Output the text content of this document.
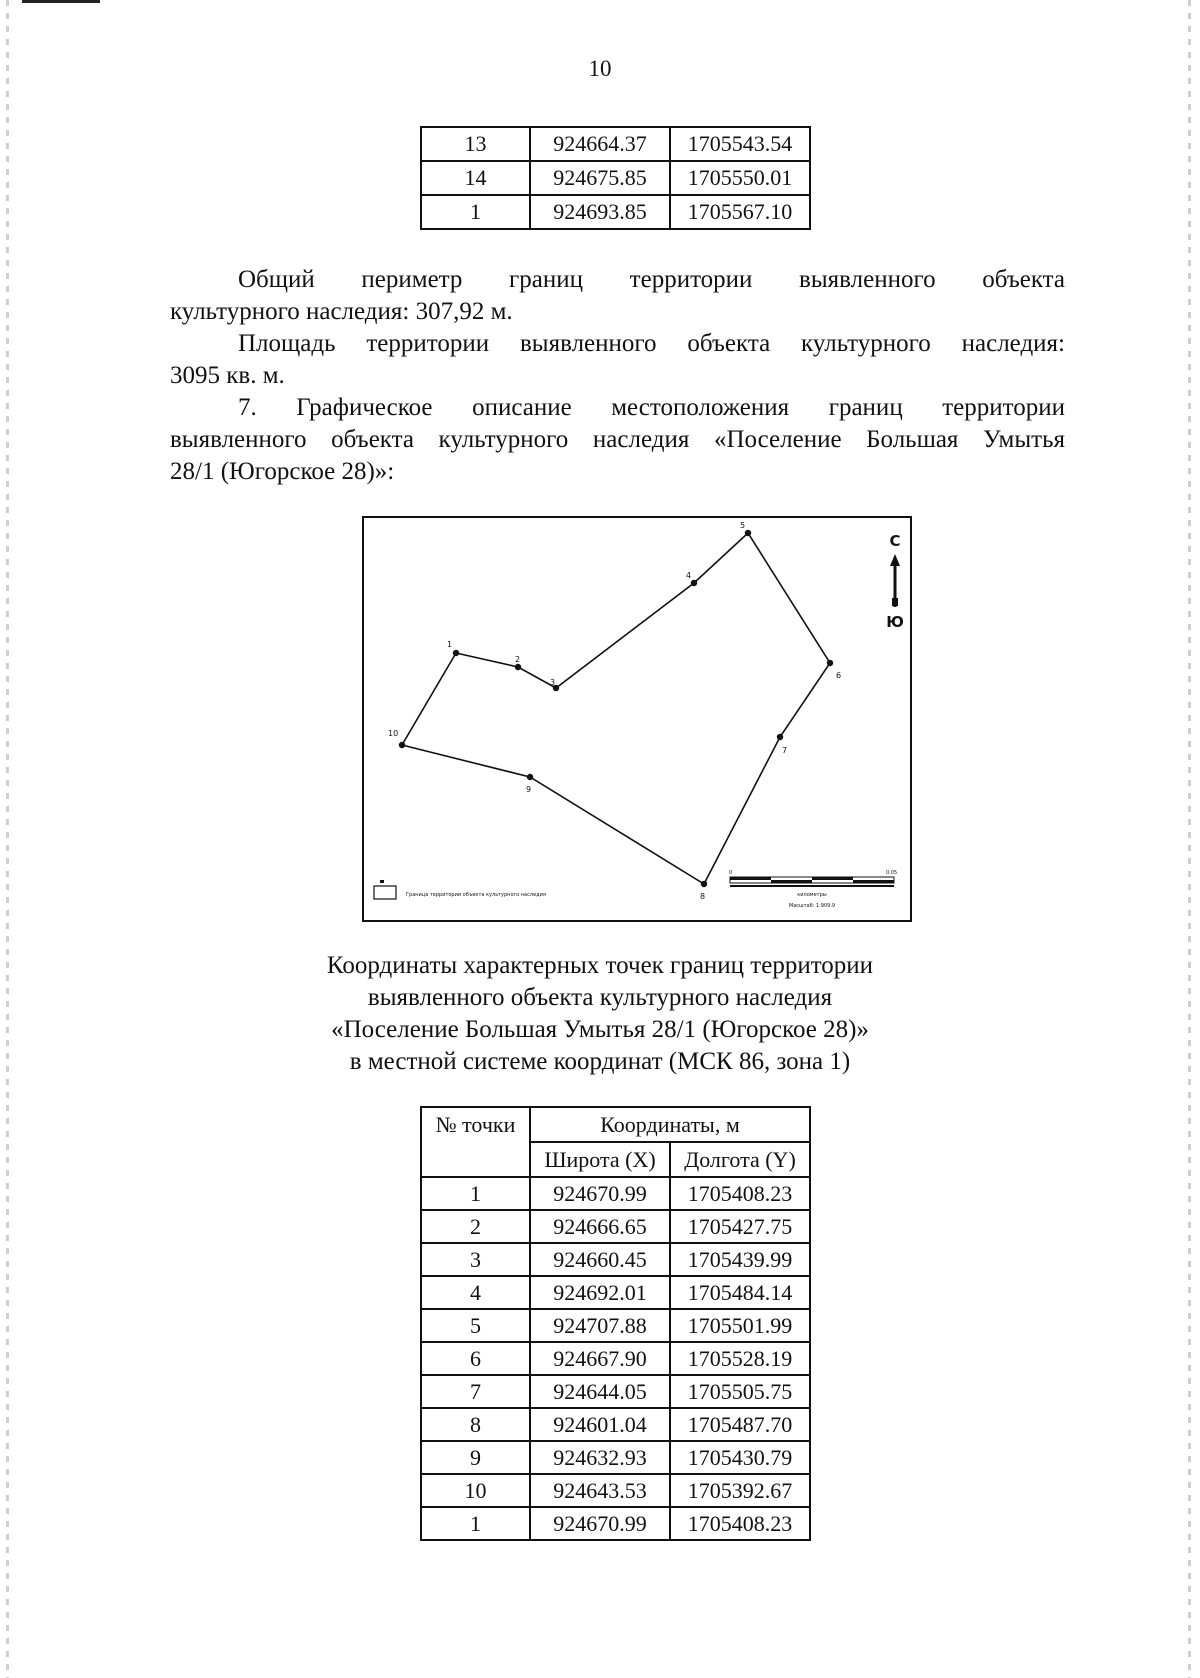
10
13	924664.37	1705543.54
14	924675.85	1705550.01
1	924693.85	1705567.10

Общий периметр границ территории выявленного объекта

культурного наследия: 307,92 м.

Площадь территории выявленного объекта культурного наследия:

3095 кв. м.

7. Графическое описание местоположения границ территории

выявленного объекта культурного наследия «Поселение Большая Умытья

28/1 (Югорское 28)»:

1
2
3
4
5
6
7
8
9
10
С
Ю
Граница территории объекта культурного наследия
0	0.05
километры
Масштаб: 1:909.9
Координаты характерных точек границ территории
выявленного объекта культурного наследия
«Поселение Большая Умытья 28/1 (Югорское 28)»
в местной системе координат (МСК 86, зона 1)
№ точки	Координаты, м	
	Широта (X)	Долгота (Y)
1	924670.99	1705408.23
2	924666.65	1705427.75
3	924660.45	1705439.99
4	924692.01	1705484.14
5	924707.88	1705501.99
6	924667.90	1705528.19
7	924644.05	1705505.75
8	924601.04	1705487.70
9	924632.93	1705430.79
10	924643.53	1705392.67
1	924670.99	1705408.23
